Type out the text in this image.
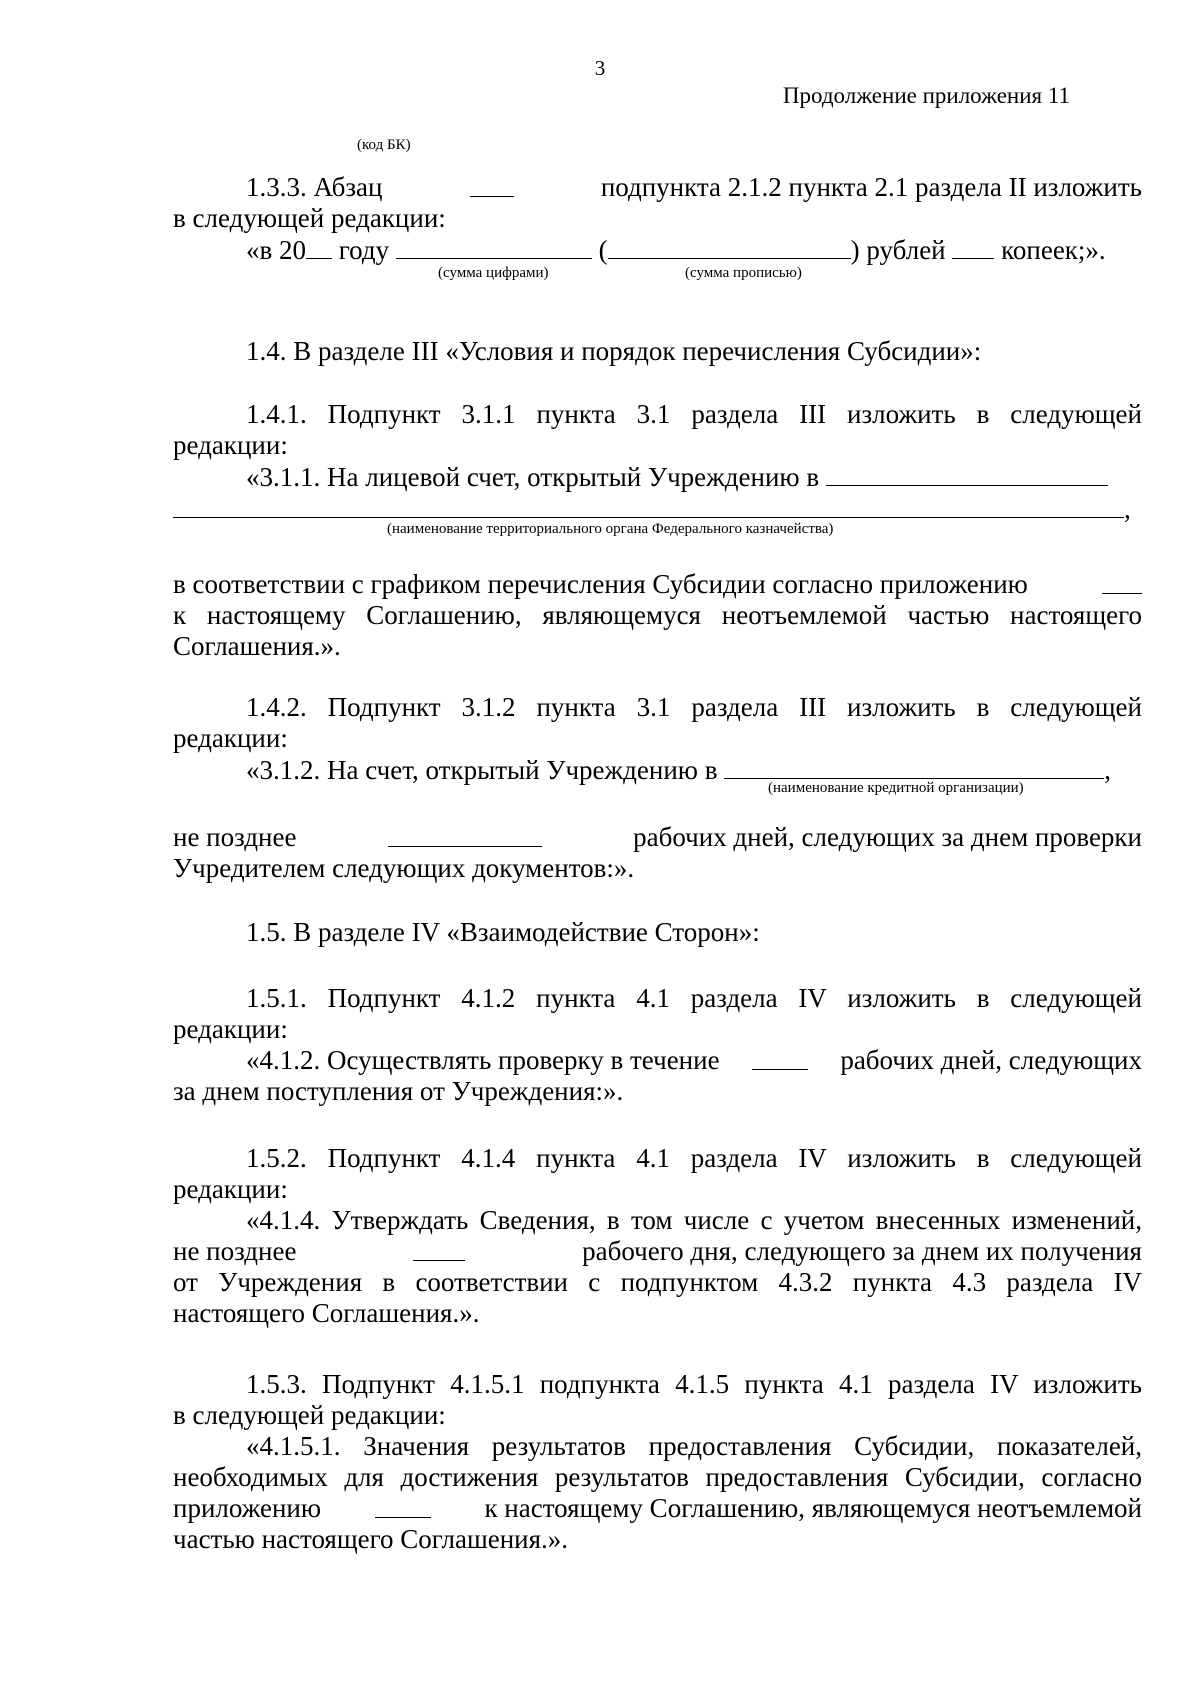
3
Продолжение приложения 11
(код БК)
1.3.3. Абзац	подпункта 2.1.2 пункта 2.1 раздела II изложить
в следующей редакции:
«в 20 году	(	) рублей копеек;».
(сумма цифрами)	(сумма прописью)

1.4. В разделе III «Условия и порядок перечисления Субсидии»:

1.4.1. Подпункт 3.1.1 пункта 3.1 раздела III изложить в следующей
редакции:
«3.1.1. На лицевой счет, открытый Учреждению в
,
(наименование территориального органа Федерального казначейства)
в соответствии с графиком перечисления Субсидии согласно приложению
к настоящему Соглашению, являющемуся неотъемлемой частью настоящего
Соглашения.».
1.4.2. Подпункт 3.1.2 пункта 3.1 раздела III изложить в следующей
редакции:
«3.1.2. На счет, открытый Учреждению в	,
(наименование кредитной организации)
не позднее	рабочих дней, следующих за днем проверки
Учредителем следующих документов:».

1.5. В разделе IV «Взаимодействие Сторон»:

1.5.1. Подпункт 4.1.2 пункта 4.1 раздела IV изложить в следующей
редакции:
«4.1.2. Осуществлять проверку в течение	рабочих дней, следующих
за днем поступления от Учреждения:».
1.5.2. Подпункт 4.1.4 пункта 4.1 раздела IV изложить в следующей
редакции:
«4.1.4. Утверждать Сведения, в том числе с учетом внесенных изменений,
не позднее	рабочего дня, следующего за днем их получения
от Учреждения в соответствии с подпунктом 4.3.2 пункта 4.3 раздела IV
настоящего Соглашения.».
1.5.3. Подпункт 4.1.5.1 подпункта 4.1.5 пункта 4.1 раздела IV изложить
в следующей редакции:
«4.1.5.1. Значения результатов предоставления Субсидии, показателей,
необходимых для достижения результатов предоставления Субсидии, согласно
приложению	к настоящему Соглашению, являющемуся неотъемлемой
частью настоящего Соглашения.».
